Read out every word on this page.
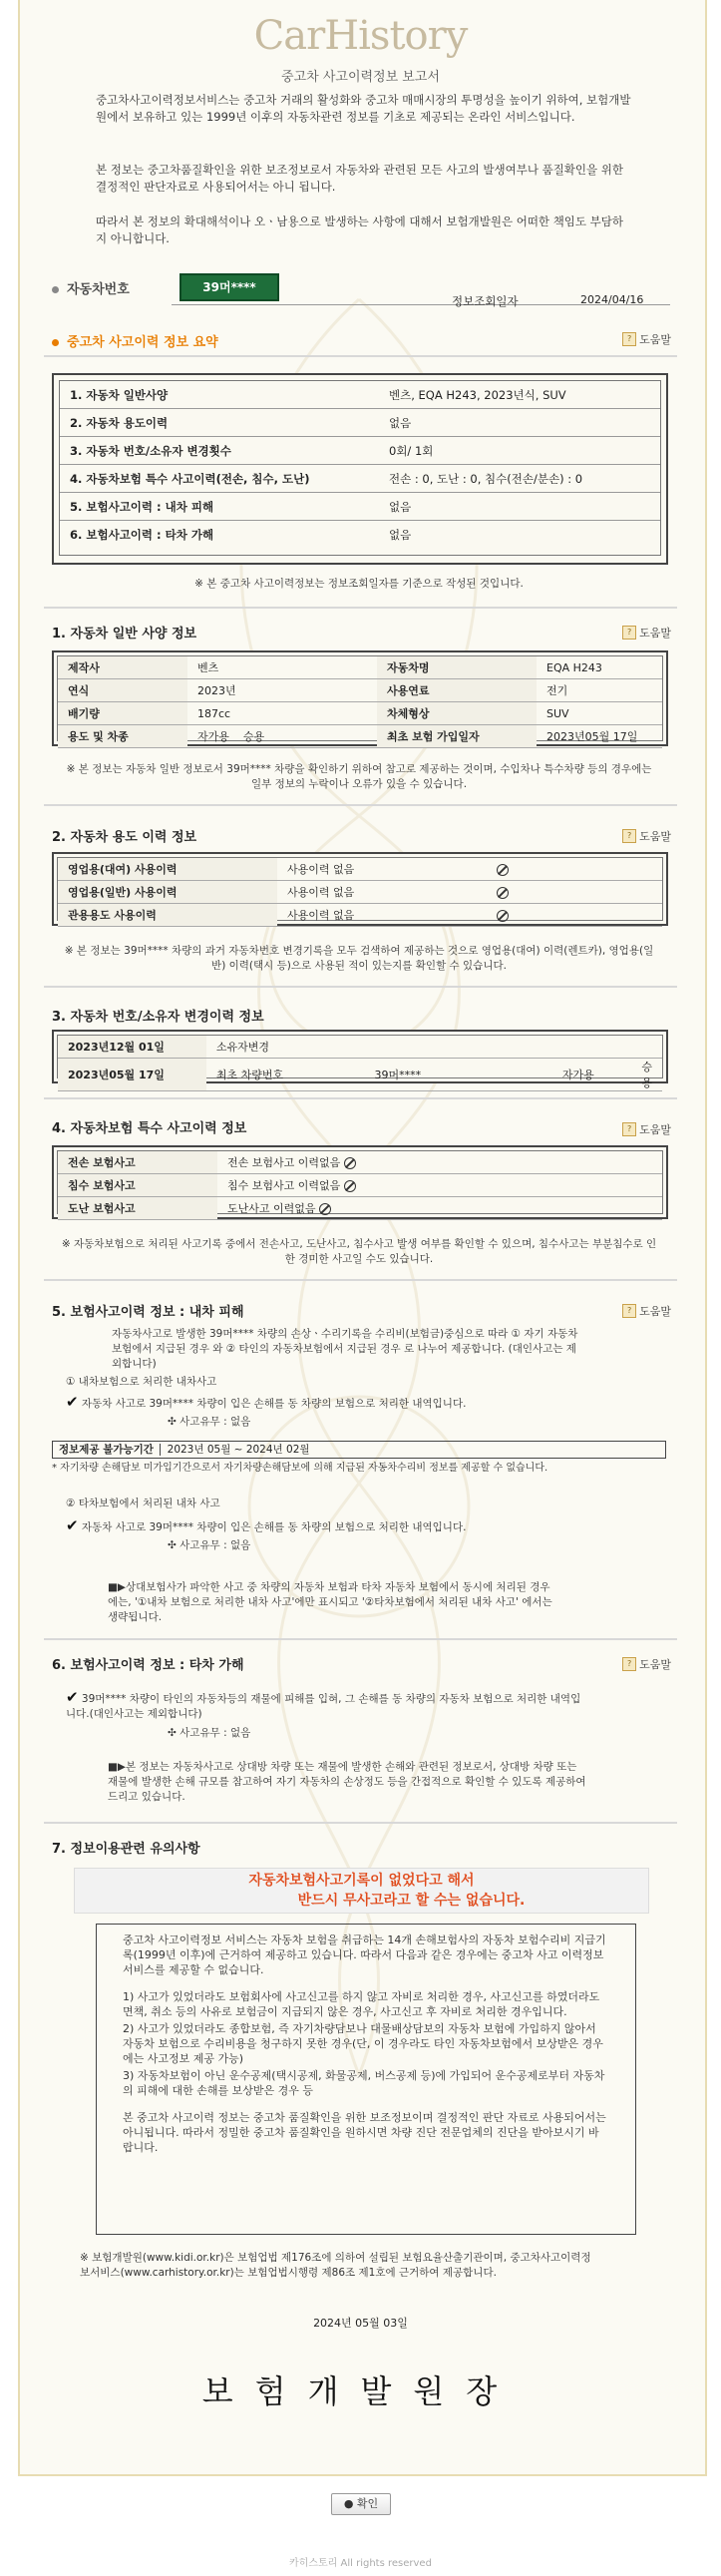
CarHistory
중고차 사고이력정보 보고서
중고차사고이력정보서비스는 중고차 거래의 활성화와 중고차 매매시장의 투명성을 높이기 위하여, 보험개발원에서 보유하고 있는 1999년 이후의 자동차관련 정보를 기초로 제공되는 온라인 서비스입니다.
본 정보는 중고차품질확인을 위한 보조정보로서 자동차와 관련된 모든 사고의 발생여부나 품질확인을 위한 결정적인 판단자료로 사용되어서는 아니 됩니다.
따라서 본 정보의 확대해석이나 오ㆍ남용으로 발생하는 사항에 대해서 보험개발원은 어떠한 책임도 부담하지 아니합니다.
자동차번호	39머****
정보조회일자	2024/04/16
중고차 사고이력 정보 요약	? 도움말
1. 자동차 일반사양	벤츠, EQA H243, 2023년식, SUV
2. 자동차 용도이력	없음
3. 자동차 번호/소유자 변경횟수	0회/ 1회
4. 자동차보험 특수 사고이력(전손, 침수, 도난)	전손 : 0, 도난 : 0, 침수(전손/분손) : 0
5. 보험사고이력 : 내차 피해	없음
6. 보험사고이력 : 타차 가해	없음
※ 본 중고차 사고이력정보는 정보조회일자를 기준으로 작성된 것입니다.
1. 자동차 일반 사양 정보	? 도움말
제작사	벤츠	자동차명	EQA H243
연식	2023년	사용연료	전기
배기량	187cc	차체형상	SUV
용도 및 차종	자가용 승용	최초 보험 가입일자	2023년05월 17일
※ 본 정보는 자동차 일반 정보로서 39머**** 차량을 확인하기 위하여 참고로 제공하는 것이며, 수입차나 특수차량 등의 경우에는 일부 정보의 누락이나 오류가 있을 수 있습니다.
2. 자동차 용도 이력 정보	? 도움말
영업용(대여) 사용이력	사용이력 없음	
영업용(일반) 사용이력	사용이력 없음	
관용용도 사용이력	사용이력 없음	
※ 본 정보는 39머**** 차량의 과거 자동차번호 변경기록을 모두 검색하여 제공하는 것으로 영업용(대여) 이력(렌트카), 영업용(일반) 이력(택시 등)으로 사용된 적이 있는지를 확인할 수 있습니다.
3. 자동차 번호/소유자 변경이력 정보
2023년12월 01일	소유자변경			
2023년05월 17일	최초 차량번호	39머****	자가용	승용
4. 자동차보험 특수 사고이력 정보	? 도움말
전손 보험사고	전손 보험사고 이력없음
침수 보험사고	침수 보험사고 이력없음
도난 보험사고	도난사고 이력없음
※ 자동차보험으로 처리된 사고기록 중에서 전손사고, 도난사고, 침수사고 발생 여부를 확인할 수 있으며, 침수사고는 부분침수로 인한 경미한 사고일 수도 있습니다.
5. 보험사고이력 정보 : 내차 피해	? 도움말
자동차사고로 발생한 39머**** 차량의 손상ㆍ수리기록을 수리비(보험금)중심으로 따라 ① 자기 자동차보험에서 지급된 경우 와 ② 타인의 자동차보험에서 지급된 경우 로 나누어 제공합니다. (대인사고는 제외합니다)
① 내차보험으로 처리한 내차사고
✔ 자동차 사고로 39머**** 차량이 입은 손해를 동 차량의 보험으로 처리한 내역입니다.
✣ 사고유무 : 없음
정보제공 불가능기간 2023년 05월 ~ 2024년 02월
* 자기차량 손해담보 미가입기간으로서 자기차량손해담보에 의해 지급된 자동차수리비 정보를 제공할 수 없습니다.
② 타차보험에서 처리된 내차 사고
✔ 자동차 사고로 39머**** 차량이 입은 손해를 동 차량의 보험으로 처리한 내역입니다.
✣ 사고유무 : 없음
■▶상대보험사가 파악한 사고 중 차량의 자동차 보험과 타차 자동차 보험에서 동시에 처리된 경우에는, '①내차 보험으로 처리한 내차 사고'에만 표시되고 '②타차보험에서 처리된 내차 사고' 에서는 생략됩니다.
6. 보험사고이력 정보 : 타차 가해	? 도움말
✔ 39머**** 차량이 타인의 자동차등의 재물에 피해를 입혀, 그 손해를 동 차량의 자동차 보험으로 처리한 내역입니다.(대인사고는 제외합니다)
✣ 사고유무 : 없음
■▶본 정보는 자동차사고로 상대방 차량 또는 재물에 발생한 손해와 관련된 정보로서, 상대방 차량 또는 재물에 발생한 손해 규모를 참고하여 자기 자동차의 손상정도 등을 간접적으로 확인할 수 있도록 제공하여 드리고 있습니다.
7. 정보이용관련 유의사항
자동차보험사고기록이 없었다고 해서
반드시 무사고라고 할 수는 없습니다.
중고차 사고이력정보 서비스는 자동차 보험을 취급하는 14개 손해보험사의 자동차 보험수리비 지급기록(1999년 이후)에 근거하여 제공하고 있습니다. 따라서 다음과 같은 경우에는 중고차 사고 이력정보 서비스를 제공할 수 없습니다.
1) 사고가 있었더라도 보험회사에 사고신고를 하지 않고 자비로 처리한 경우, 사고신고를 하였더라도 면책, 취소 등의 사유로 보험금이 지급되지 않은 경우, 사고신고 후 자비로 처리한 경우입니다.
2) 사고가 있었더라도 종합보험, 즉 자기차량담보나 대물배상담보의 자동차 보험에 가입하지 않아서 자동차 보험으로 수리비용을 청구하지 못한 경우(단, 이 경우라도 타인 자동차보험에서 보상받은 경우에는 사고정보 제공 가능)
3) 자동차보험이 아닌 운수공제(택시공제, 화물공제, 버스공제 등)에 가입되어 운수공제로부터 자동차의 피해에 대한 손해를 보상받은 경우 등
본 중고차 사고이력 정보는 중고차 품질확인을 위한 보조정보이며 결정적인 판단 자료로 사용되어서는 아니됩니다. 따라서 정밀한 중고차 품질확인을 원하시면 차량 진단 전문업체의 진단을 받아보시기 바랍니다.
※ 보험개발원(www.kidi.or.kr)은 보험업법 제176조에 의하여 설립된 보험요율산출기관이며, 중고차사고이력정보서비스(www.carhistory.or.kr)는 보험업법시행령 제86조 제1호에 근거하여 제공합니다.
2024년 05월 03일
보험개발원장
● 확인
카히스토리 All rights reserved
